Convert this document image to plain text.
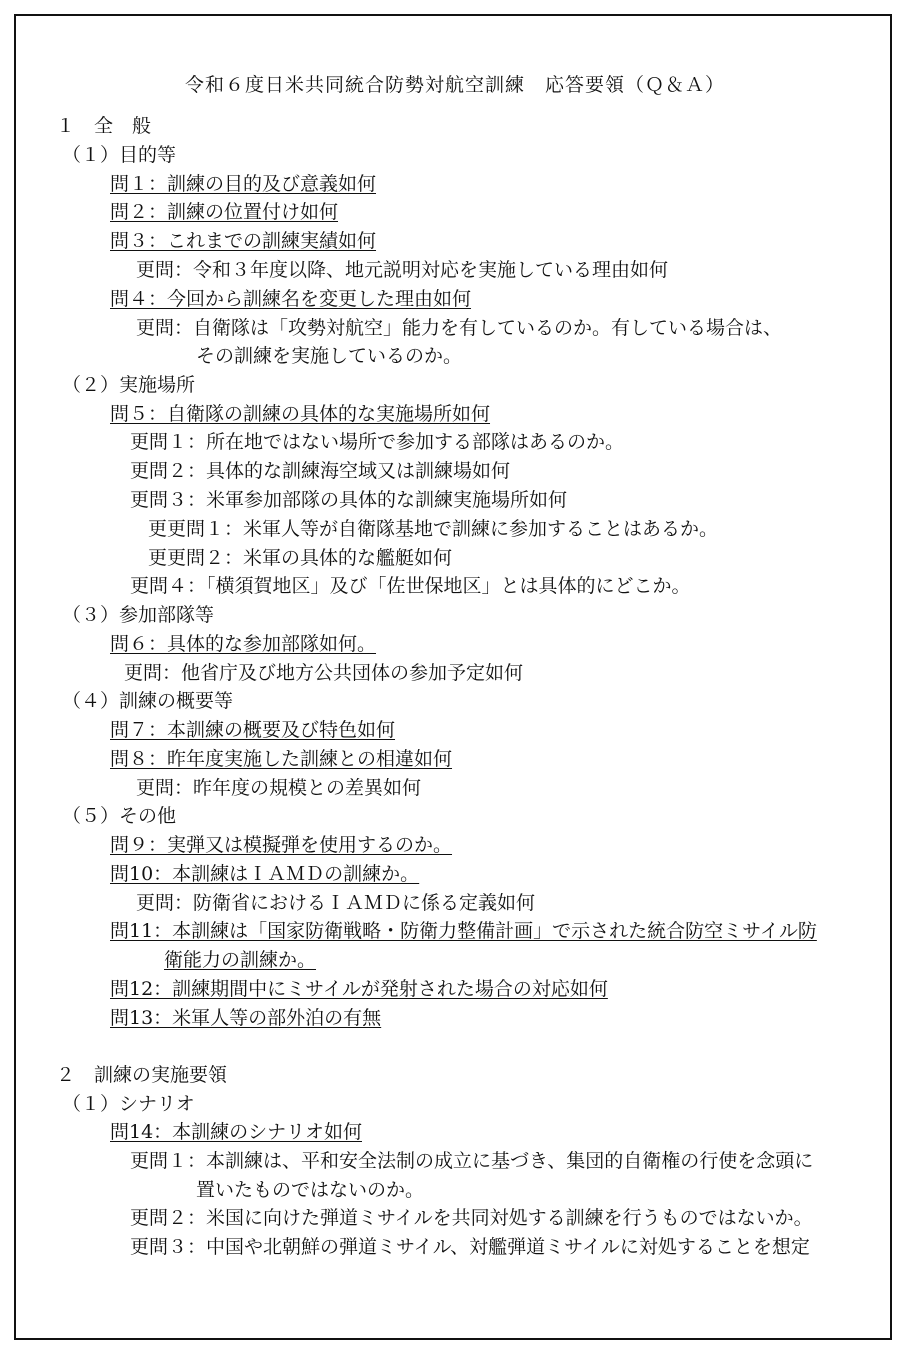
令和６度日米共同統合防勢対航空訓練　応答要領（Ｑ＆Ａ）
１　全　般
（１）目的等
問１：訓練の目的及び意義如何
問２：訓練の位置付け如何
問３：これまでの訓練実績如何
更問：令和３年度以降、地元説明対応を実施している理由如何
問４：今回から訓練名を変更した理由如何
更問：自衛隊は「攻勢対航空」能力を有しているのか。有している場合は、
その訓練を実施しているのか。
（２）実施場所
問５：自衛隊の訓練の具体的な実施場所如何
更問１：所在地ではない場所で参加する部隊はあるのか。
更問２：具体的な訓練海空域又は訓練場如何
更問３：米軍参加部隊の具体的な訓練実施場所如何
更更問１：米軍人等が自衛隊基地で訓練に参加することはあるか。
更更問２：米軍の具体的な艦艇如何
更問４：「横須賀地区」及び「佐世保地区」とは具体的にどこか。
（３）参加部隊等
問６：具体的な参加部隊如何。
更問：他省庁及び地方公共団体の参加予定如何
（４）訓練の概要等
問７：本訓練の概要及び特色如何
問８：昨年度実施した訓練との相違如何
更問：昨年度の規模との差異如何
（５）その他
問９：実弾又は模擬弾を使用するのか。
問10：本訓練はＩＡＭＤの訓練か。
更問：防衛省におけるＩＡＭＤに係る定義如何
問11：本訓練は「国家防衛戦略・防衛力整備計画」で示された統合防空ミサイル防
衛能力の訓練か。
問12：訓練期間中にミサイルが発射された場合の対応如何
問13：米軍人等の部外泊の有無
２　訓練の実施要領
（１）シナリオ
問14：本訓練のシナリオ如何
更問１：本訓練は、平和安全法制の成立に基づき、集団的自衛権の行使を念頭に
置いたものではないのか。
更問２：米国に向けた弾道ミサイルを共同対処する訓練を行うものではないか。
更問３：中国や北朝鮮の弾道ミサイル、対艦弾道ミサイルに対処することを想定
